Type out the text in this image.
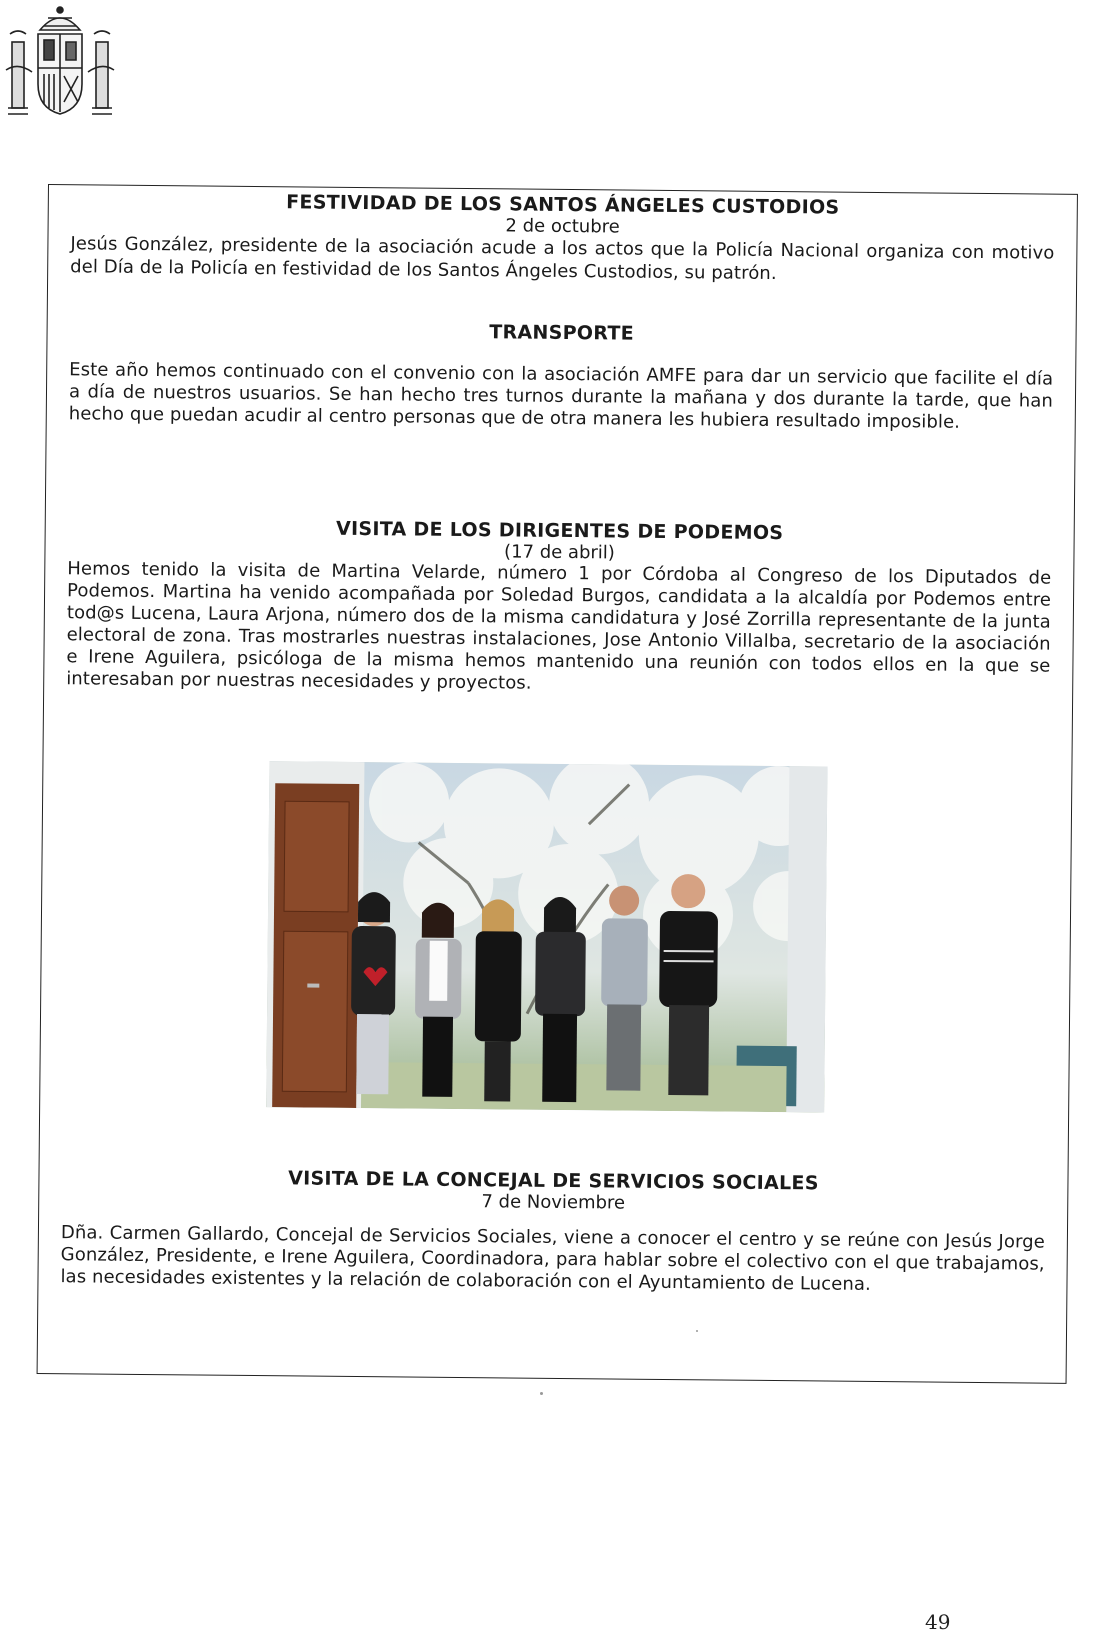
FESTIVIDAD DE LOS SANTOS ÁNGELES CUSTODIOS

2 de octubre

Jesús González, presidente de la asociación acude a los actos que la Policía Nacional organiza con motivo del Día de la Policía en festividad de los Santos Ángeles Custodios, su patrón.

TRANSPORTE

Este año hemos continuado con el convenio con la asociación AMFE para dar un servicio que facilite el día a día de nuestros usuarios. Se han hecho tres turnos durante la mañana y dos durante la tarde, que han hecho que puedan acudir al centro personas que de otra manera les hubiera resultado imposible.

VISITA DE LOS DIRIGENTES DE PODEMOS

(17 de abril)

Hemos tenido la visita de Martina Velarde, número 1 por Córdoba al Congreso de los Diputados de Podemos. Martina ha venido acompañada por Soledad Burgos, candidata a la alcaldía por Podemos entre tod@s Lucena, Laura Arjona, número dos de la misma candidatura y José Zorrilla representante de la junta electoral de zona. Tras mostrarles nuestras instalaciones, Jose Antonio Villalba, secretario de la asociación e Irene Aguilera, psicóloga de la misma hemos mantenido una reunión con todos ellos en la que se interesaban por nuestras necesidades y proyectos.

VISITA DE LA CONCEJAL DE SERVICIOS SOCIALES

7 de Noviembre

Dña. Carmen Gallardo, Concejal de Servicios Sociales, viene a conocer el centro y se reúne con Jesús Jorge González, Presidente, e Irene Aguilera, Coordinadora, para hablar sobre el colectivo con el que trabajamos, las necesidades existentes y la relación de colaboración con el Ayuntamiento de Lucena.

49
